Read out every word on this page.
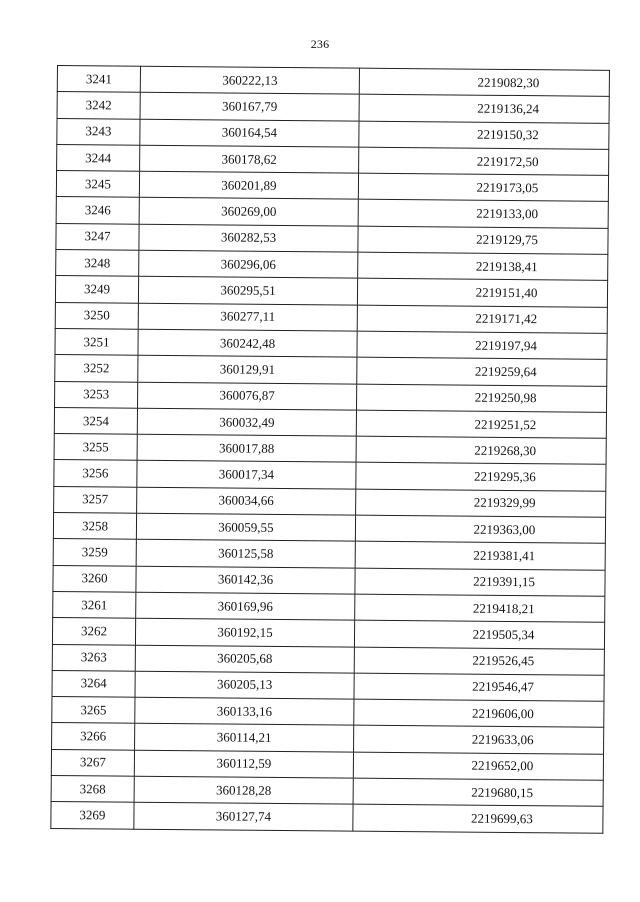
236
3241	360222,13	2219082,30
3242	360167,79	2219136,24
3243	360164,54	2219150,32
3244	360178,62	2219172,50
3245	360201,89	2219173,05
3246	360269,00	2219133,00
3247	360282,53	2219129,75
3248	360296,06	2219138,41
3249	360295,51	2219151,40
3250	360277,11	2219171,42
3251	360242,48	2219197,94
3252	360129,91	2219259,64
3253	360076,87	2219250,98
3254	360032,49	2219251,52
3255	360017,88	2219268,30
3256	360017,34	2219295,36
3257	360034,66	2219329,99
3258	360059,55	2219363,00
3259	360125,58	2219381,41
3260	360142,36	2219391,15
3261	360169,96	2219418,21
3262	360192,15	2219505,34
3263	360205,68	2219526,45
3264	360205,13	2219546,47
3265	360133,16	2219606,00
3266	360114,21	2219633,06
3267	360112,59	2219652,00
3268	360128,28	2219680,15
3269	360127,74	2219699,63
